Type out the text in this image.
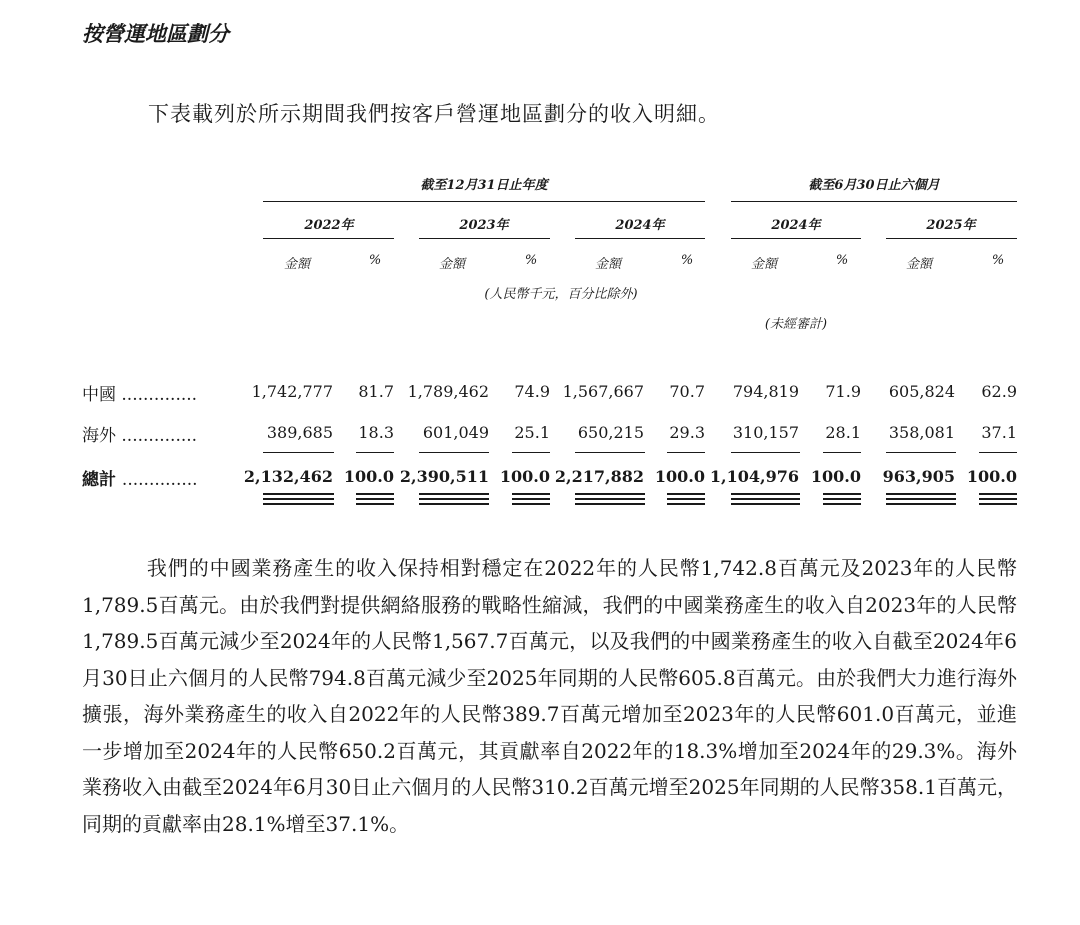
按營運地區劃分
下表載列於所示期間我們按客戶營運地區劃分的收入明細。
截至12月31日止年度	截至6月30日止六個月
2022年	2023年	2024年	2024年	2025年
金額	%	金額	%	金額	%	金額	%	金額	%
(人民幣千元，百分比除外)
(未經審計)
中國 ..............	1,742,777 81.7 1,789,462 74.9 1,567,667 70.7 794,819 71.9 605,824 62.9
海外 ..............	389,685 18.3 601,049 25.1 650,215 29.3 310,157 28.1 358,081 37.1
總計 ..............	2,132,462 100.0 2,390,511 100.0 2,217,882 100.0 1,104,976 100.0 963,905 100.0

我們的中國業務產生的收入保持相對穩定在2022年的人民幣1,742.8百萬元及2023年的人民幣1,789.5百萬元。由於我們對提供網絡服務的戰略性縮減，我們的中國業務產生的收入自2023年的人民幣1,789.5百萬元減少至2024年的人民幣1,567.7百萬元，以及我們的中國業務產生的收入自截至2024年6月30日止六個月的人民幣794.8百萬元減少至2025年同期的人民幣605.8百萬元。由於我們大力進行海外擴張，海外業務產生的收入自2022年的人民幣389.7百萬元增加至2023年的人民幣601.0百萬元，並進一步增加至2024年的人民幣650.2百萬元，其貢獻率自2022年的18.3%增加至2024年的29.3%。海外業務收入由截至2024年6月30日止六個月的人民幣310.2百萬元增至2025年同期的人民幣358.1百萬元，同期的貢獻率由28.1%增至37.1%。
